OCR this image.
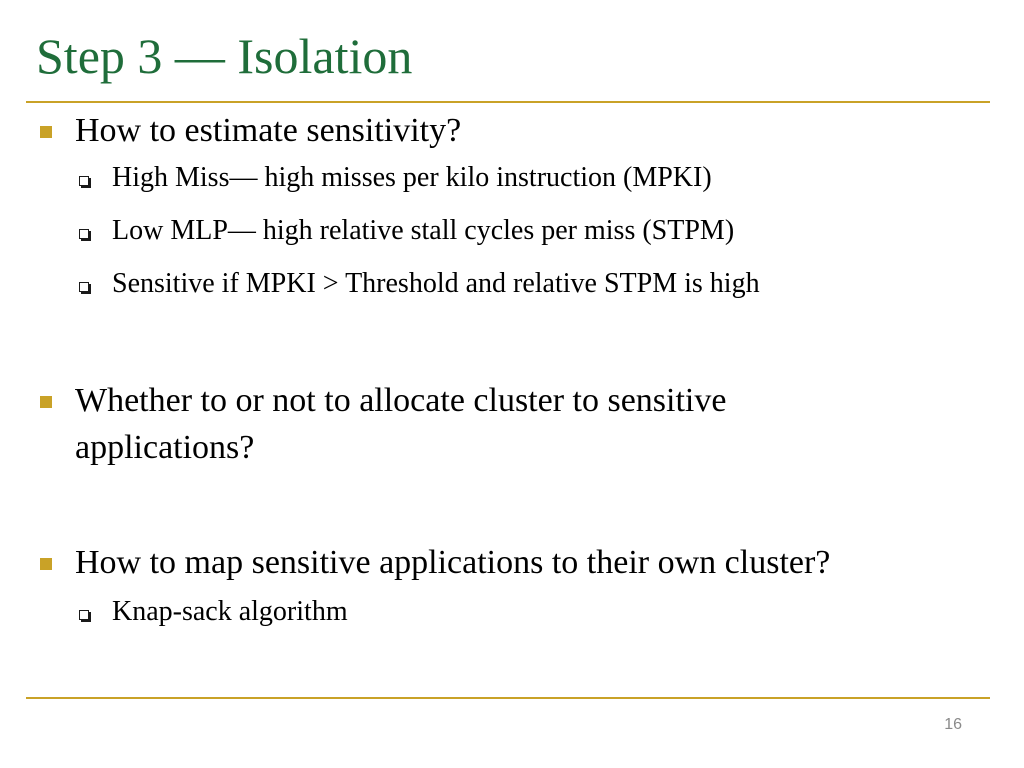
Step 3 — Isolation
How to estimate sensitivity?
High Miss— high misses per kilo instruction (MPKI)
Low MLP— high relative stall cycles per miss (STPM)
Sensitive if MPKI > Threshold and relative STPM is high
Whether to or not to allocate cluster to sensitive applications?
How to map sensitive applications to their own cluster?
Knap-sack algorithm
16
